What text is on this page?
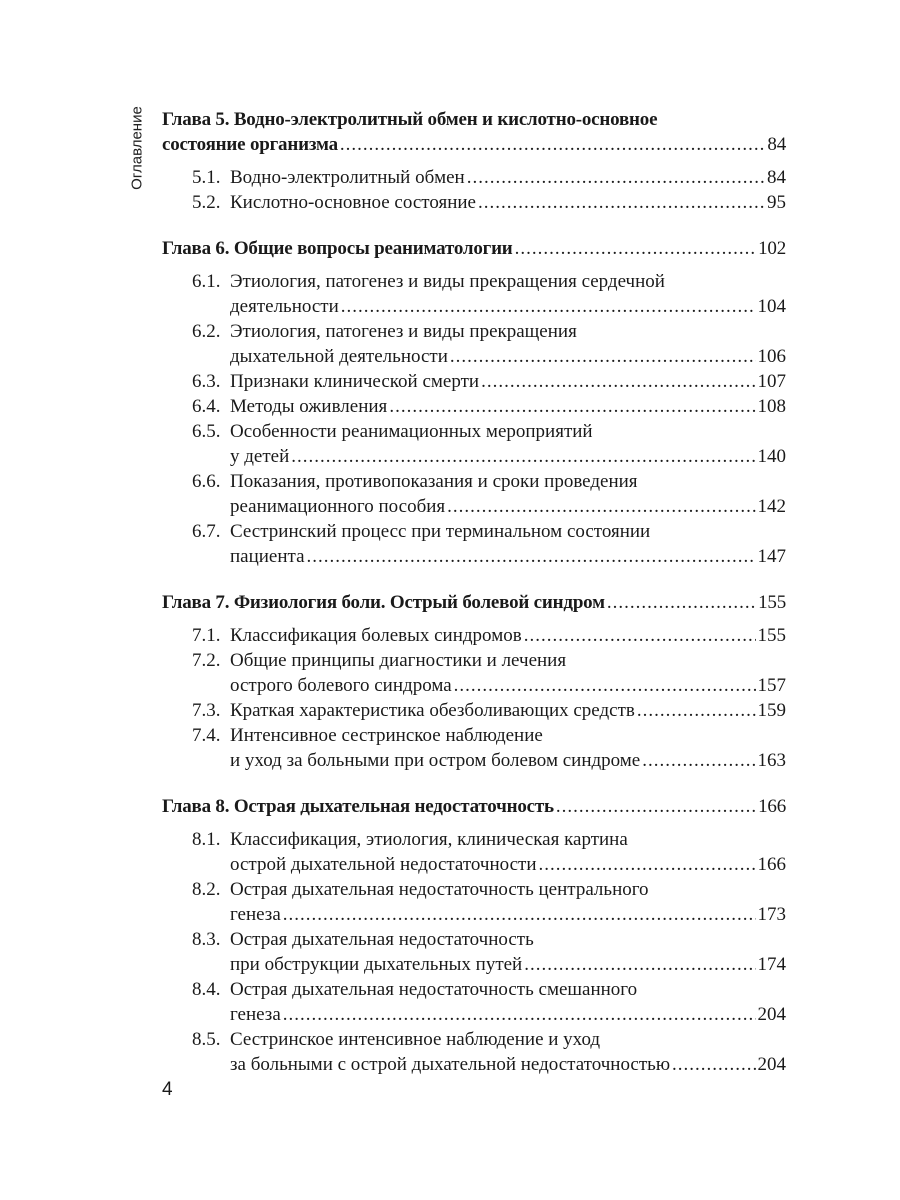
Оглавление Глава 5. Водно-электролитный обмен и кислотно-основное
состояние организма .....	84
5.1. Водно-электролитный обмен .....	84
5.2. Кислотно-основное состояние .....	95
Глава 6. Общие вопросы реаниматологии .....	102
6.1. Этиология, патогенез и виды прекращения сердечной
деятельности .....	104
6.2. Этиология, патогенез и виды прекращения
дыхательной деятельности .....	106
6.3. Признаки клинической смерти .....	107
6.4. Методы оживления .....	108
6.5. Особенности реанимационных мероприятий
у детей .....	140
6.6. Показания, противопоказания и сроки проведения
реанимационного пособия .....	142
6.7. Сестринский процесс при терминальном состоянии
пациента .....	147
Глава 7. Физиология боли. Острый болевой синдром .....	155
7.1. Классификация болевых синдромов .....	155
7.2. Общие принципы диагностики и лечения
острого болевого синдрома .....	157
7.3. Краткая характеристика обезболивающих средств .....	159
7.4. Интенсивное сестринское наблюдение
и уход за больными при остром болевом синдроме .....	163
Глава 8. Острая дыхательная недостаточность .....	166
8.1. Классификация, этиология, клиническая картина
острой дыхательной недостаточности .....	166
8.2. Острая дыхательная недостаточность центрального
генеза .....	173
8.3. Острая дыхательная недостаточность
при обструкции дыхательных путей .....	174
8.4. Острая дыхательная недостаточность смешанного
генеза .....	204
8.5. Сестринское интенсивное наблюдение и уход
за больными с острой дыхательной недостаточностью .....	204
4
